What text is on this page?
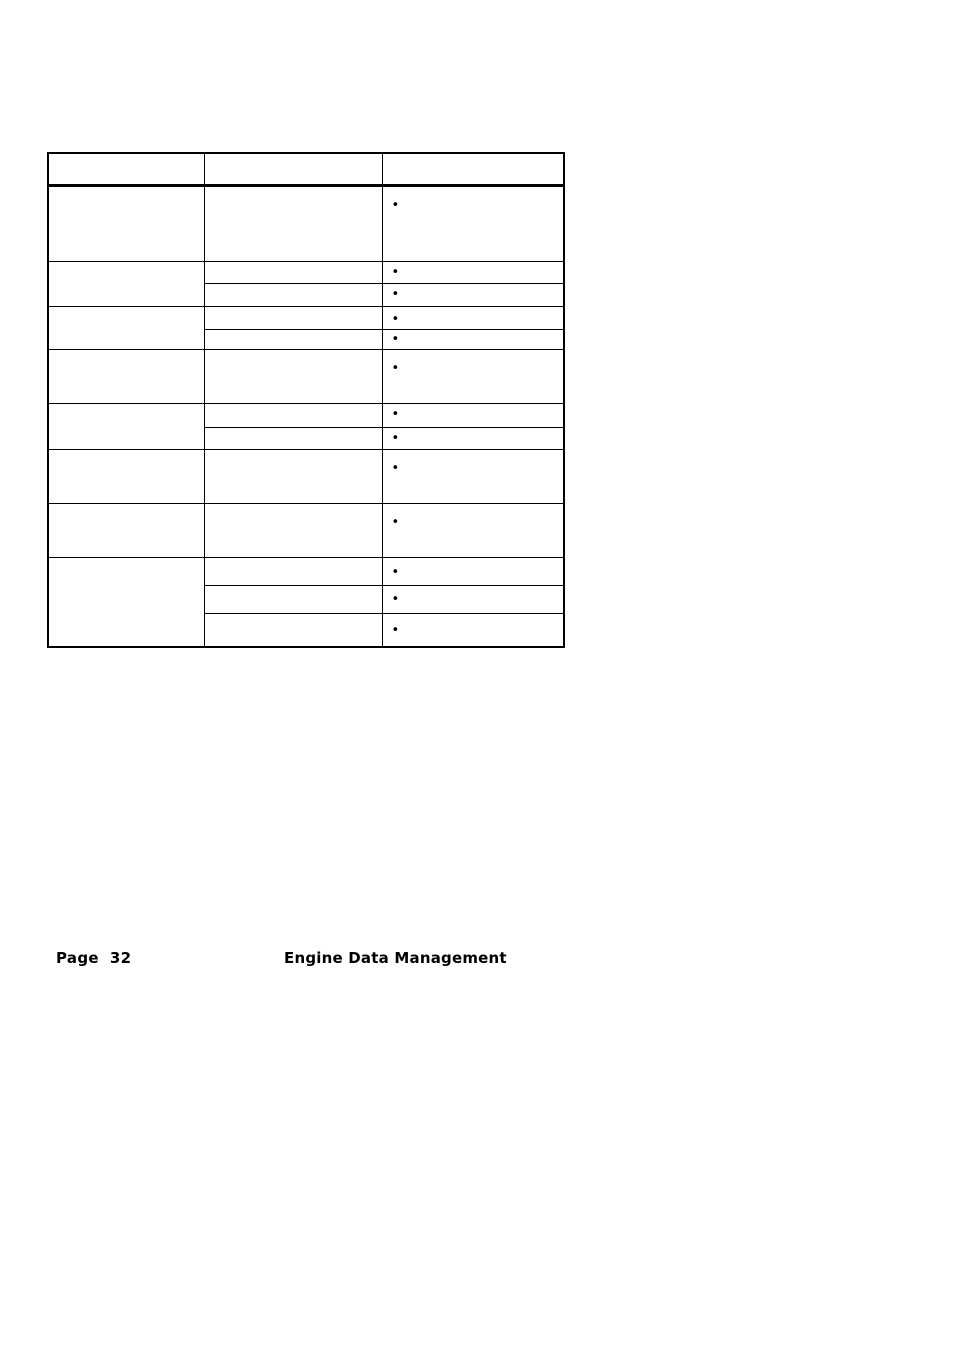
		•

		•

		•

		•

		•

		•

		•

		•

		•

		•

		•

		•

		•
Page  32	Engine Data Management
